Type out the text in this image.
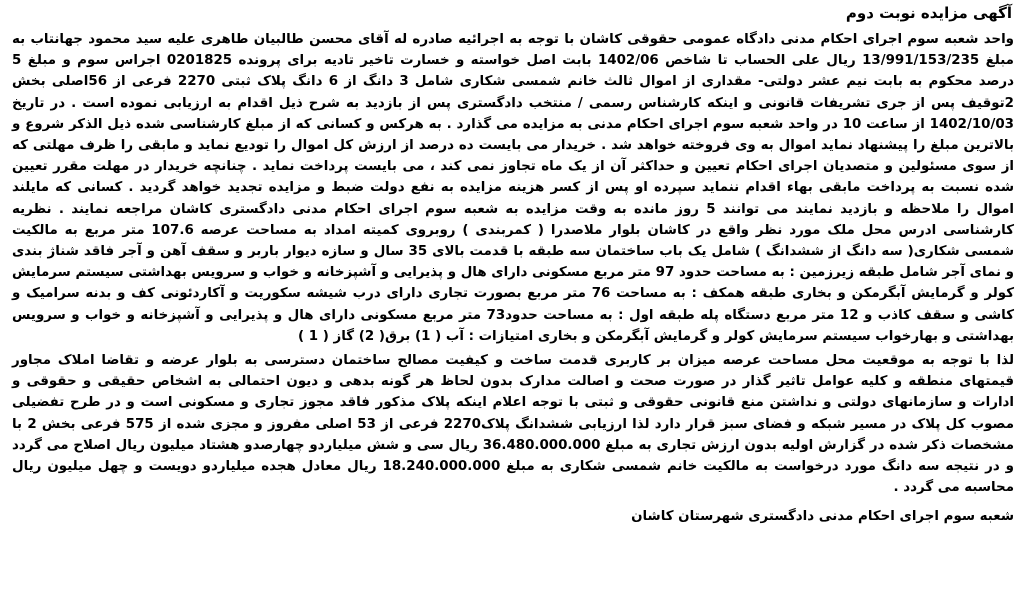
آگهی مزایده نوبت دوم

واحد شعبه سوم اجرای احکام مدنی دادگاه عمومی حقوقی کاشان با توجه به اجرائیه صادره له آقای محسن طالبیان طاهری علیه سید محمود جهانتاب به مبلغ 13/991/153/235 ریال علی الحساب تا شاخص 1402/06 بابت اصل خواسته و خسارت تاخیر تادیه برای پرونده 0201825 اجراس سوم و مبلغ 5 درصد محکوم به بابت نیم عشر دولتی- مقداری از اموال ثالث خانم شمسی شکاری شامل 3 دانگ از 6 دانگ پلاک ثبتی 2270 فرعی از 56اصلی بخش 2توقیف پس از جری تشریفات قانونی و اینکه کارشناس رسمی / منتخب دادگستری پس از بازدید به شرح ذیل اقدام به ارزیابی نموده است . در تاریخ 1402/10/03 از ساعت 10 در واحد شعبه سوم اجرای احکام مدنی به مزایده می گذارد . به هرکس و کسانی که از مبلغ کارشناسی شده ذیل الذکر شروع و بالاترین مبلغ را پیشنهاد نماید اموال به وی فروخته خواهد شد . خریدار می بایست ده درصد از ارزش کل اموال را تودیع نماید و مابقی را ظرف مهلتی که از سوی مسئولین و متصدیان اجرای احکام تعیین و حداکثر آن از یک ماه تجاوز نمی کند ، می بایست پرداخت نماید . چنانچه خریدار در مهلت مقرر تعیین شده نسبت به پرداخت مابقی بهاء اقدام ننماید سپرده او پس از کسر هزینه مزایده به نفع دولت ضبط و مزایده تجدید خواهد گردید . کسانی که مایلند اموال را ملاحظه و بازدید نمایند می توانند 5 روز مانده به وقت مزایده به شعبه سوم اجرای احکام مدنی دادگستری کاشان مراجعه نمایند . نظریه کارشناسی ادرس محل ملک مورد نظر واقع در کاشان بلوار ملاصدرا ( کمربندی ) روبروی کمیته امداد به مساحت عرصه 107.6 متر مربع به مالکیت شمسی شکاری( سه دانگ از ششدانگ ) شامل یک باب ساختمان سه طبقه با قدمت بالای 35 سال و سازه دیوار باربر و سقف آهن و آجر فاقد شناژ بندی و نمای آجر شامل طبقه زیرزمین : به مساحت حدود 97 متر مربع مسکونی دارای هال و پذیرایی و آشپزخانه و خواب و سرویس بهداشتی سیستم سرمایش کولر و گرمایش آبگرمکن و بخاری طبقه همکف : به مساحت 76 متر مربع بصورت تجاری دارای درب شیشه سکوریت و آکاردئونی کف و بدنه سرامیک و کاشی و سقف کاذب و 12 متر مربع دستگاه پله طبقه اول : به مساحت حدود73 متر مربع مسکونی دارای هال و پذیرایی و آشپزخانه و خواب و سرویس بهداشتی و بهارخواب سیستم سرمایش کولر و گرمایش آبگرمکن و بخاری امتیازات : آب ( 1) برق( 2) گاز ( 1 )

لذا با توجه به موقعیت محل مساحت عرصه میزان بر کاربری قدمت ساخت و کیفیت مصالح ساختمان دسترسی به بلوار عرضه و تقاضا املاک مجاور قیمتهای منطقه و کلیه عوامل تاثیر گذار در صورت صحت و اصالت مدارک بدون لحاظ هر گونه بدهی و دیون احتمالی به اشخاص حقیقی و حقوقی و ادارات و سازمانهای دولتی و نداشتن منع قانونی حقوقی و ثبتی با توجه اعلام اینکه پلاک مذکور فاقد مجوز تجاری و مسکونی است و در طرح تفضیلی مصوب کل پلاک در مسیر شبکه و فضای سبز قرار دارد لذا ارزیابی ششدانگ پلاک2270 فرعی از 53 اصلی مفروز و مجزی شده از 575 فرعی بخش 2 با مشخصات ذکر شده در گزارش اولیه بدون ارزش تجاری به مبلغ 36.480.000.000 ریال سی و شش میلیاردو چهارصدو هشتاد میلیون ریال اصلاح می گردد و در نتیجه سه دانگ مورد درخواست به مالکیت خانم شمسی شکاری به مبلغ 18.240.000.000 ریال معادل هجده میلیاردو دویست و چهل میلیون ریال محاسبه می گردد .

شعبه سوم اجرای احکام مدنی دادگستری شهرستان کاشان
